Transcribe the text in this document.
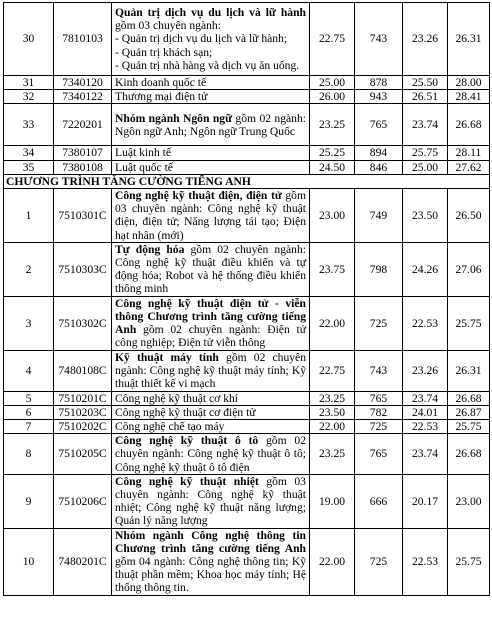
30	7810103	Quản trị dịch vụ du lịch và lữ hành gồm 03 chuyên ngành:
- Quản trị dịch vụ du lịch và lữ hành;
- Quản trị khách sạn;
- Quản trị nhà hàng và dịch vụ ăn uống.	22.75	743	23.26	26.31
31	7340120	Kinh doanh quốc tế	25.00	878	25.50	28.00
32	7340122	Thương mại điện tử	26.00	943	26.51	28.41
33	7220201	Nhóm ngành Ngôn ngữ gồm 02 ngành: Ngôn ngữ Anh; Ngôn ngữ Trung Quốc	23.25	765	23.74	26.68
34	7380107	Luật kinh tế	25.25	894	25.75	28.11
35	7380108	Luật quốc tế	24.50	846	25.00	27.62
CHƯƠNG TRÌNH TĂNG CƯỜNG TIẾNG ANH						
1	7510301C	Công nghệ kỹ thuật điện, điện tử gồm 03 chuyên ngành: Công nghệ kỹ thuật điện, điện tử; Năng lượng tái tạo; Điện hạt nhân (mới)	23.00	749	23.50	26.50
2	7510303C	Tự động hóa gồm 02 chuyên ngành: Công nghệ kỹ thuật điều khiển và tự động hóa; Robot và hệ thống điều khiển thông minh	23.75	798	24.26	27.06
3	7510302C	Công nghệ kỹ thuật điện tử - viễn thông Chương trình tăng cường tiếng Anh gồm 02 chuyên ngành: Điện tử công nghiệp; Điện tử viễn thông	22.00	725	22.53	25.75
4	7480108C	Kỹ thuật máy tính gồm 02 chuyên ngành: Công nghệ kỹ thuật máy tính; Kỹ thuật thiết kế vi mạch	22.75	743	23.26	26.31
5	7510201C	Công nghệ kỹ thuật cơ khí	23.25	765	23.74	26.68
6	7510203C	Công nghệ kỹ thuật cơ điện tử	23.50	782	24.01	26.87
7	7510202C	Công nghệ chế tạo máy	22.00	725	22.53	25.75
8	7510205C	Công nghệ kỹ thuật ô tô gồm 02 chuyên ngành: Công nghệ kỹ thuật ô tô; Công nghệ kỹ thuật ô tô điện	23.25	765	23.74	26.68
9	7510206C	Công nghệ kỹ thuật nhiệt gồm 03 chuyên ngành: Công nghệ kỹ thuật nhiệt; Công nghệ kỹ thuật năng lượng; Quản lý năng lượng	19.00	666	20.17	23.00
10	7480201C	Nhóm ngành Công nghệ thông tin Chương trình tăng cường tiếng Anh gồm 04 ngành: Công nghệ thông tin; Kỹ thuật phần mềm; Khoa học máy tính; Hệ thống thông tin.	22.00	725	22.53	25.75
